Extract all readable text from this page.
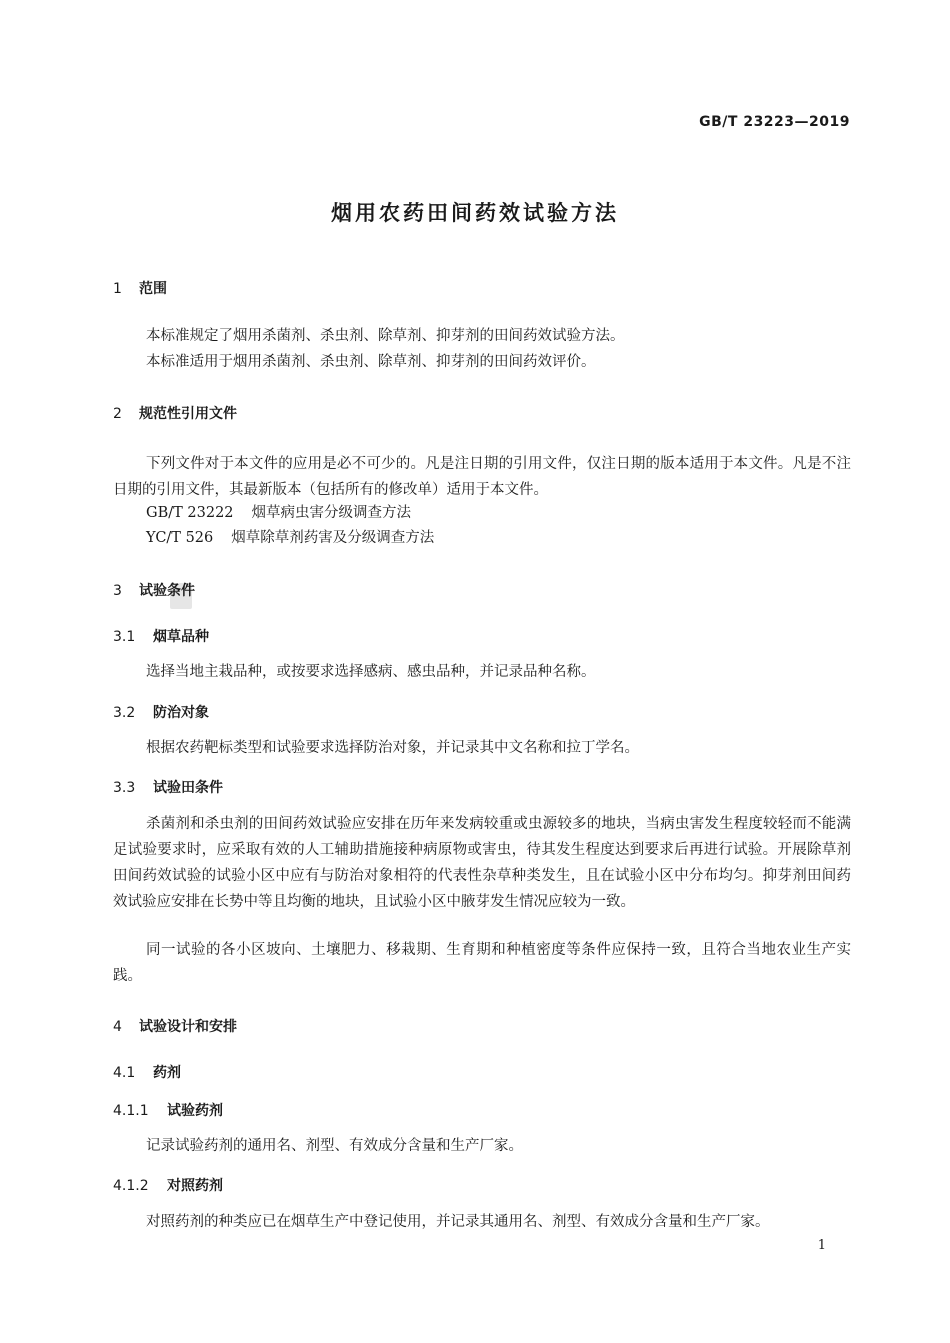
GB/T 23223—2019
烟用农药田间药效试验方法
1 范围
本标准规定了烟用杀菌剂、杀虫剂、除草剂、抑芽剂的田间药效试验方法。
本标准适用于烟用杀菌剂、杀虫剂、除草剂、抑芽剂的田间药效评价。
2 规范性引用文件
下列文件对于本文件的应用是必不可少的。凡是注日期的引用文件，仅注日期的版本适用于本文件。凡是不注日期的引用文件，其最新版本（包括所有的修改单）适用于本文件。
GB/T 23222 烟草病虫害分级调查方法
YC/T 526 烟草除草剂药害及分级调查方法
3 试验条件
3.1 烟草品种
选择当地主栽品种，或按要求选择感病、感虫品种，并记录品种名称。
3.2 防治对象
根据农药靶标类型和试验要求选择防治对象，并记录其中文名称和拉丁学名。
3.3 试验田条件
杀菌剂和杀虫剂的田间药效试验应安排在历年来发病较重或虫源较多的地块，当病虫害发生程度较轻而不能满足试验要求时，应采取有效的人工辅助措施接种病原物或害虫，待其发生程度达到要求后再进行试验。开展除草剂田间药效试验的试验小区中应有与防治对象相符的代表性杂草种类发生，且在试验小区中分布均匀。抑芽剂田间药效试验应安排在长势中等且均衡的地块，且试验小区中腋芽发生情况应较为一致。
同一试验的各小区坡向、土壤肥力、移栽期、生育期和种植密度等条件应保持一致，且符合当地农业生产实践。
4 试验设计和安排
4.1 药剂
4.1.1 试验药剂
记录试验药剂的通用名、剂型、有效成分含量和生产厂家。
4.1.2 对照药剂
对照药剂的种类应已在烟草生产中登记使用，并记录其通用名、剂型、有效成分含量和生产厂家。
1
